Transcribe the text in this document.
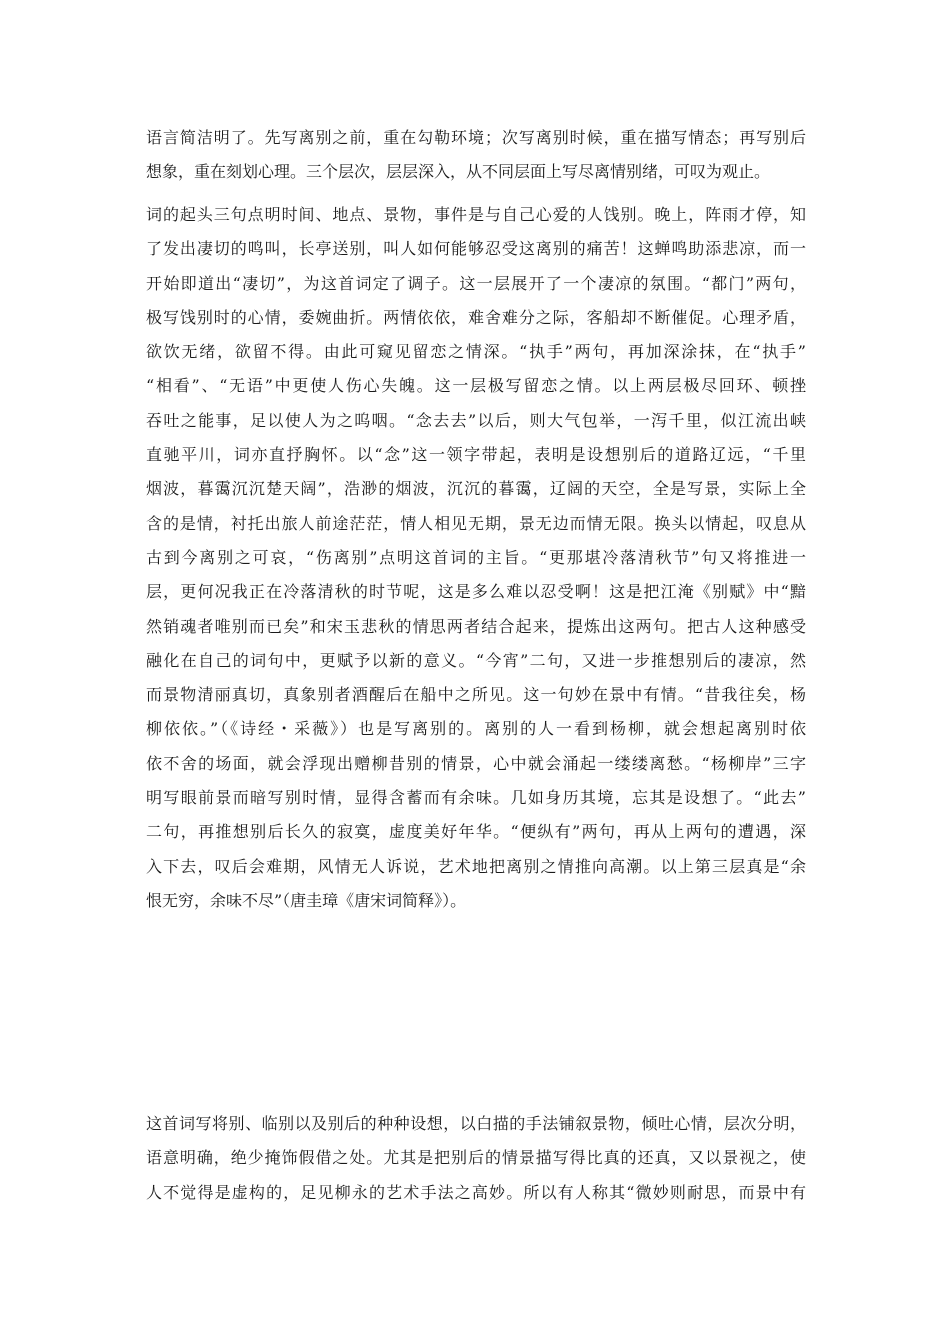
语言简洁明了。先写离别之前，重在勾勒环境；次写离别时候，重在描写情态；再写别后
想象，重在刻划心理。三个层次，层层深入，从不同层面上写尽离情别绪，可叹为观止。
词的起头三句点明时间、地点、景物，事件是与自己心爱的人饯别。晚上，阵雨才停，知
了发出凄切的鸣叫，长亭送别，叫人如何能够忍受这离别的痛苦！这蝉鸣助添悲凉，而一
开始即道出“凄切”，为这首词定了调子。这一层展开了一个凄凉的氛围。“都门”两句，
极写饯别时的心情，委婉曲折。两情依依，难舍难分之际，客船却不断催促。心理矛盾，
欲饮无绪，欲留不得。由此可窥见留恋之情深。“执手”两句，再加深涂抹，在“执手”
“相看”、“无语”中更使人伤心失魄。这一层极写留恋之情。以上两层极尽回环、顿挫
吞吐之能事，足以使人为之呜咽。“念去去”以后，则大气包举，一泻千里，似江流出峡
直驰平川，词亦直抒胸怀。以“念”这一领字带起，表明是设想别后的道路辽远，“千里
烟波，暮霭沉沉楚天阔”，浩渺的烟波，沉沉的暮霭，辽阔的天空，全是写景，实际上全
含的是情，衬托出旅人前途茫茫，情人相见无期，景无边而情无限。换头以情起，叹息从
古到今离别之可哀，“伤离别”点明这首词的主旨。“更那堪冷落清秋节”句又将推进一
层，更何况我正在冷落清秋的时节呢，这是多么难以忍受啊！这是把江淹《别赋》中“黯
然销魂者唯别而已矣”和宋玉悲秋的情思两者结合起来，提炼出这两句。把古人这种感受
融化在自己的词句中，更赋予以新的意义。“今宵”二句，又进一步推想别后的凄凉，然
而景物清丽真切，真象别者酒醒后在船中之所见。这一句妙在景中有情。“昔我往矣，杨
柳依依。”（《诗经・采薇》）也是写离别的。离别的人一看到杨柳，就会想起离别时依
依不舍的场面，就会浮现出赠柳昔别的情景，心中就会涌起一缕缕离愁。“杨柳岸”三字
明写眼前景而暗写别时情，显得含蓄而有余味。几如身历其境，忘其是设想了。“此去”
二句，再推想别后长久的寂寞，虚度美好年华。“便纵有”两句，再从上两句的遭遇，深
入下去，叹后会难期，风情无人诉说，艺术地把离别之情推向高潮。以上第三层真是“余
恨无穷，余味不尽”（唐圭璋《唐宋词简释》）。
这首词写将别、临别以及别后的种种设想，以白描的手法铺叙景物，倾吐心情，层次分明，
语意明确，绝少掩饰假借之处。尤其是把别后的情景描写得比真的还真，又以景视之，使
人不觉得是虚构的，足见柳永的艺术手法之高妙。所以有人称其“微妙则耐思，而景中有
